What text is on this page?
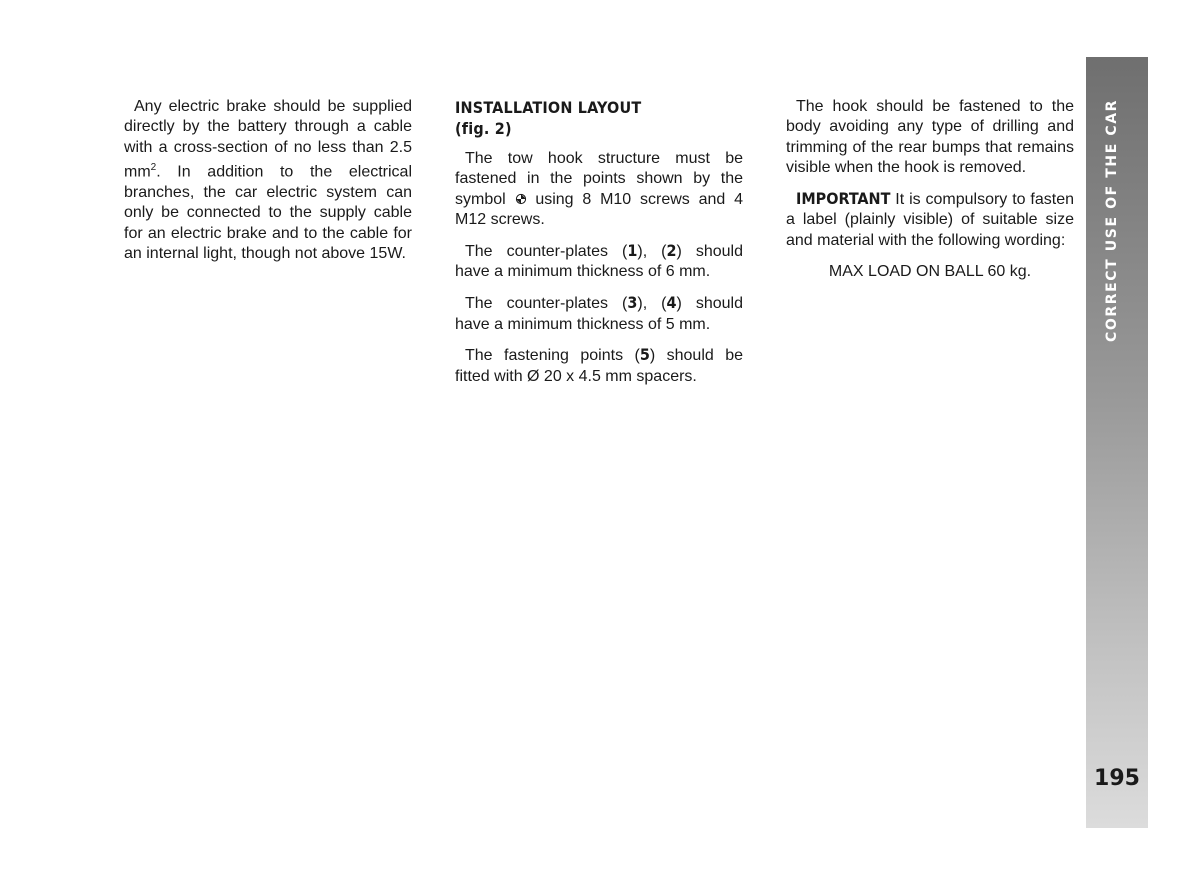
Any electric brake should be supplied directly by the battery through a cable with a cross-section of no less than 2.5 $mm^2$. In addition to the electrical branches, the car electric system can only be connected to the supply cable for an electric brake and to the cable for an internal light, though not above 15W.

INSTALLATION LAYOUT
(fig. 2)

The tow hook structure must be fastened in the points shown by the symbol using 8 M10 screws and 4 M12 screws.

The counter-plates (1), (2) should have a minimum thickness of 6 mm.

The counter-plates (3), (4) should have a minimum thickness of 5 mm.

The fastening points (5) should be fitted with Ø 20 x 4.5 mm spacers.

The hook should be fastened to the body avoiding any type of drilling and trimming of the rear bumps that remains visible when the hook is removed.

IMPORTANT It is compulsory to fasten a label (plainly visible) of suitable size and material with the following wording:

MAX LOAD ON BALL 60 kg.	CORRECT USE OF THE CAR
195
